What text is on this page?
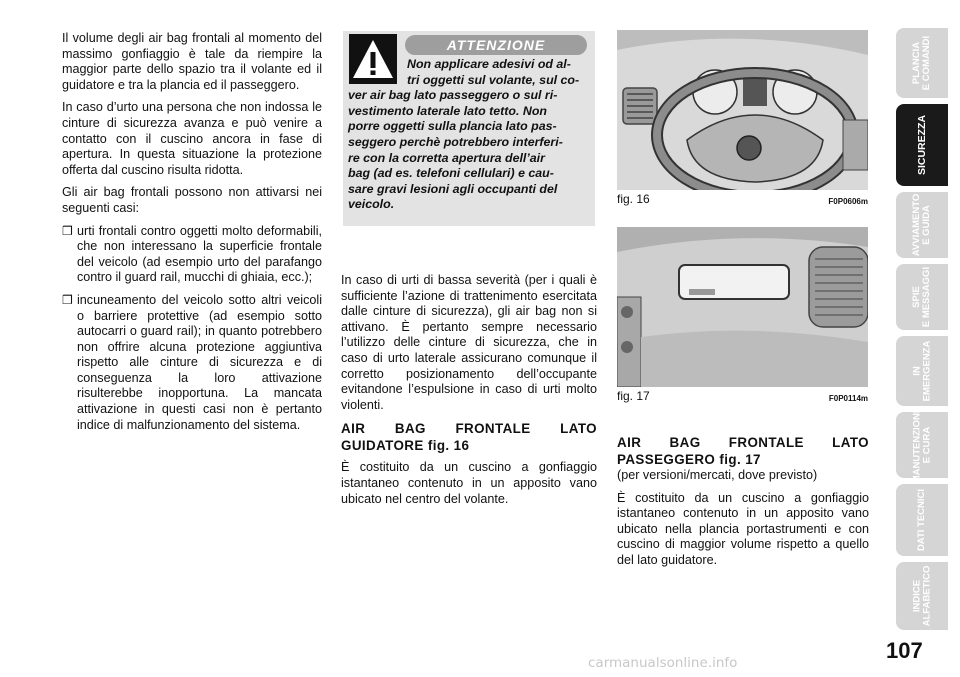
Il volume degli air bag frontali al momento del massimo gonfiaggio è tale da riempire la maggior parte dello spazio tra il volante ed il guidatore e tra la plancia ed il passeggero.

In caso d’urto una persona che non indossa le cinture di sicurezza avanza e può venire a contatto con il cuscino ancora in fase di apertura. In questa situazione la protezione offerta dal cuscino risulta ridotta.

Gli air bag frontali possono non attivarsi nei seguenti casi:

❒ urti frontali contro oggetti molto deformabili, che non interessano la superficie frontale del veicolo (ad esempio urto del parafango contro il guard rail, mucchi di ghiaia, ecc.);
❒ incuneamento del veicolo sotto altri veicoli o barriere protettive (ad esempio sotto autocarri o guard rail); in quanto potrebbero non offrire alcuna protezione aggiuntiva rispetto alle cinture di sicurezza e di conseguenza la loro attivazione risulterebbe inopportuna. La mancata attivazione in questi casi non è pertanto indice di malfunzionamento del sistema.
ATTENZIONE
Non applicare adesivi od al-
tri oggetti sul volante, sul co-
ver air bag lato passeggero o sul ri-
vestimento laterale lato tetto. Non
porre oggetti sulla plancia lato pas-
seggero perchè potrebbero interferi-
re con la corretta apertura dell’air
bag (ad es. telefoni cellulari) e cau-
sare gravi lesioni agli occupanti del
veicolo.

In caso di urti di bassa severità (per i quali è sufficiente l’azione di trattenimento esercitata dalle cinture di sicurezza), gli air bag non si attivano. È pertanto sempre necessario l’utilizzo delle cinture di sicurezza, che in caso di urto laterale assicurano comunque il corretto posizionamento dell’occupante evitandone l’espulsione in caso di urti molto violenti.

AIR BAG FRONTALE LATO GUIDATORE fig. 16

È costituito da un cuscino a gonfiaggio istantaneo contenuto in un apposito vano ubicato nel centro del volante.

fig. 16	F0P0606m
fig. 17	F0P0114m
AIR BAG FRONTALE LATO PASSEGGERO fig. 17

(per versioni/mercati, dove previsto)

È costituito da un cuscino a gonfiaggio istantaneo contenuto in un apposito vano ubicato nella plancia portastrumenti e con cuscino di maggior volume rispetto a quello del lato guidatore.

PLANCIA
E COMANDI
SICUREZZA
AVVIAMENTO
E GUIDA
SPIE
E MESSAGGI
IN
EMERGENZA
MANUTENZIONE
E CURA
DATI TECNICI
INDICE
ALFABETICO
107
carmanualsonline.info
